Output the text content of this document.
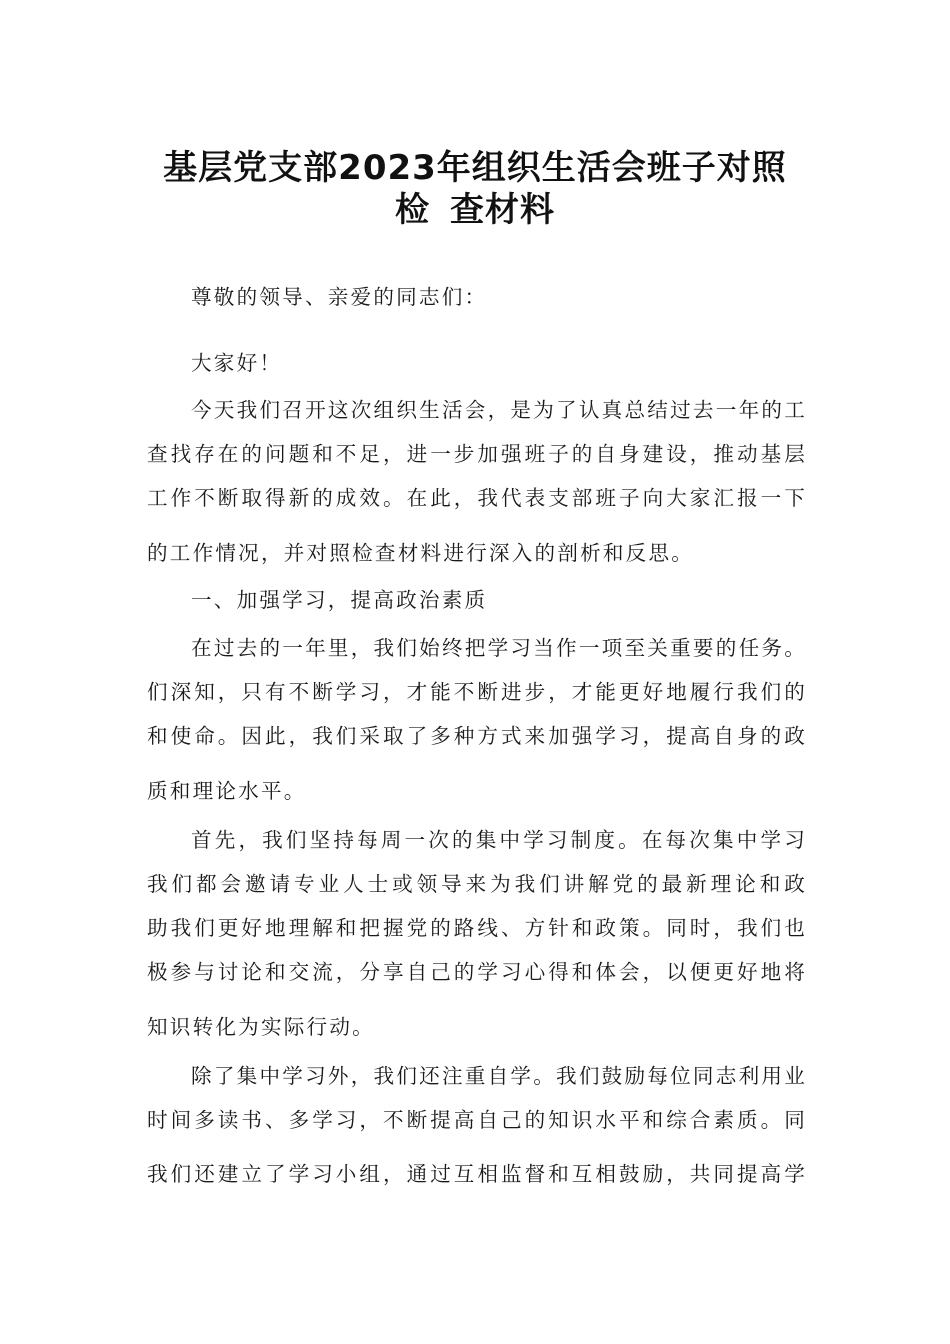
基层党支部2023年组织生活会班子对照
检 查材料

尊敬的领导、亲爱的同志们：

大家好！

今天我们召开这次组织生活会，是为了认真总结过去一年的工

查找存在的问题和不足，进一步加强班子的自身建设，推动基层

工作不断取得新的成效。在此，我代表支部班子向大家汇报一下

的工作情况，并对照检查材料进行深入的剖析和反思。

一、加强学习，提高政治素质

在过去的一年里，我们始终把学习当作一项至关重要的任务。

们深知，只有不断学习，才能不断进步，才能更好地履行我们的

和使命。因此，我们采取了多种方式来加强学习，提高自身的政

质和理论水平。

首先，我们坚持每周一次的集中学习制度。在每次集中学习

我们都会邀请专业人士或领导来为我们讲解党的最新理论和政

助我们更好地理解和把握党的路线、方针和政策。同时，我们也

极参与讨论和交流，分享自己的学习心得和体会，以便更好地将

知识转化为实际行动。

除了集中学习外，我们还注重自学。我们鼓励每位同志利用业

时间多读书、多学习，不断提高自己的知识水平和综合素质。同

我们还建立了学习小组，通过互相监督和互相鼓励，共同提高学
